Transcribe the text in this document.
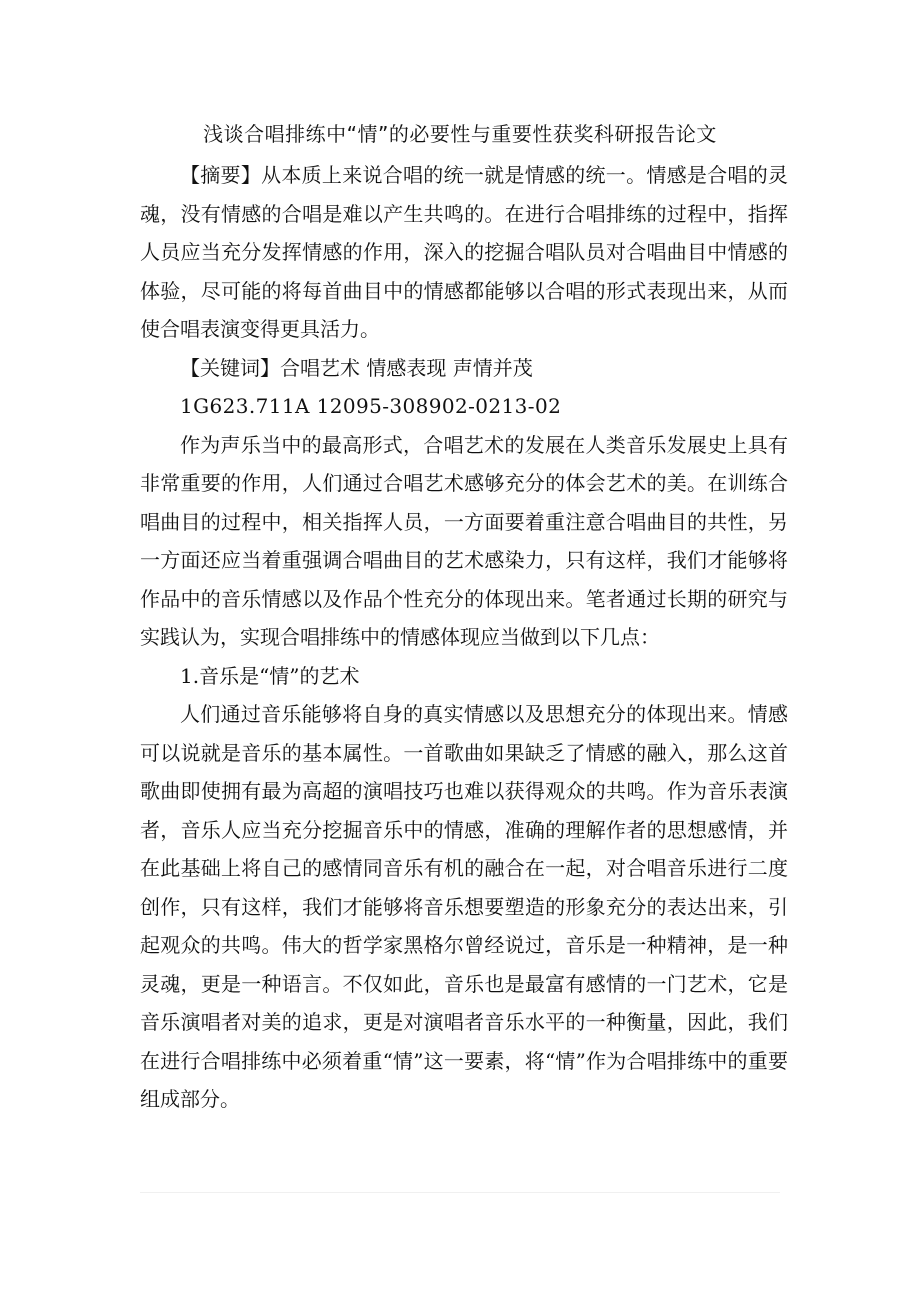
浅谈合唱排练中“情”的必要性与重要性获奖科研报告论文

【摘要】从本质上来说合唱的统一就是情感的统一。情感是合唱的灵魂，没有情感的合唱是难以产生共鸣的。在进行合唱排练的过程中，指挥人员应当充分发挥情感的作用，深入的挖掘合唱队员对合唱曲目中情感的体验，尽可能的将每首曲目中的情感都能够以合唱的形式表现出来，从而使合唱表演变得更具活力。

【关键词】合唱艺术 情感表现 声情并茂

1G623.711A 12095-308902-0213-02

作为声乐当中的最高形式，合唱艺术的发展在人类音乐发展史上具有非常重要的作用，人们通过合唱艺术感够充分的体会艺术的美。在训练合唱曲目的过程中，相关指挥人员，一方面要着重注意合唱曲目的共性，另一方面还应当着重强调合唱曲目的艺术感染力，只有这样，我们才能够将作品中的音乐情感以及作品个性充分的体现出来。笔者通过长期的研究与实践认为，实现合唱排练中的情感体现应当做到以下几点：

1.音乐是“情”的艺术

人们通过音乐能够将自身的真实情感以及思想充分的体现出来。情感可以说就是音乐的基本属性。一首歌曲如果缺乏了情感的融入，那么这首歌曲即使拥有最为高超的演唱技巧也难以获得观众的共鸣。作为音乐表演者，音乐人应当充分挖掘音乐中的情感，准确的理解作者的思想感情，并在此基础上将自己的感情同音乐有机的融合在一起，对合唱音乐进行二度创作，只有这样，我们才能够将音乐想要塑造的形象充分的表达出来，引起观众的共鸣。伟大的哲学家黑格尔曾经说过，音乐是一种精神，是一种灵魂，更是一种语言。不仅如此，音乐也是最富有感情的一门艺术，它是音乐演唱者对美的追求，更是对演唱者音乐水平的一种衡量，因此，我们在进行合唱排练中必须着重“情”这一要素，将“情”作为合唱排练中的重要组成部分。
